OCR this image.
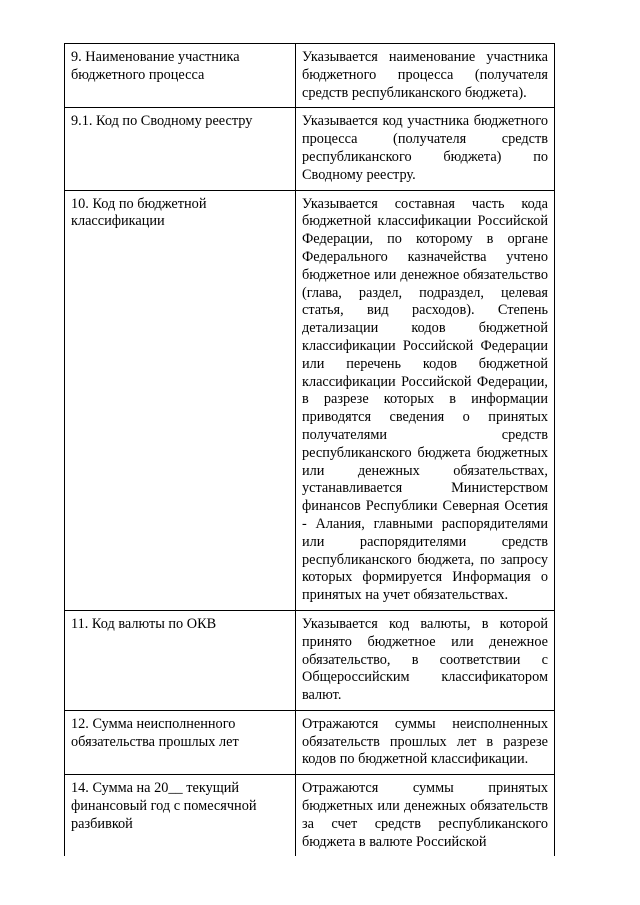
9. Наименование участника бюджетного процесса	Указывается наименование участника бюджетного процесса (получателя средств республиканского бюджета).
9.1. Код по Сводному реестру	Указывается код участника бюджетного процесса (получателя средств республиканского бюджета) по Сводному реестру.
10. Код по бюджетной классификации	Указывается составная часть кода бюджетной классификации Российской Федерации, по которому в органе Федерального казначейства учтено бюджетное или денежное обязательство (глава, раздел, подраздел, целевая статья, вид расходов). Степень детализации кодов бюджетной классификации Российской Федерации или перечень кодов бюджетной классификации Российской Федерации, в разрезе которых в информации приводятся сведения о принятых получателями средств республиканского бюджета бюджетных или денежных обязательствах, устанавливается Министерством финансов Республики Северная Осетия - Алания, главными распорядителями или распорядителями средств республиканского бюджета, по запросу которых формируется Информация о принятых на учет обязательствах.
11. Код валюты по ОКВ	Указывается код валюты, в которой принято бюджетное или денежное обязательство, в соответствии с Общероссийским классификатором валют.
12. Сумма неисполненного обязательства прошлых лет	Отражаются суммы неисполненных обязательств прошлых лет в разрезе кодов по бюджетной классификации.
14. Сумма на 20__ текущий финансовый год с помесячной разбивкой	Отражаются суммы принятых бюджетных или денежных обязательств за счет средств республиканского бюджета в валюте Российской
